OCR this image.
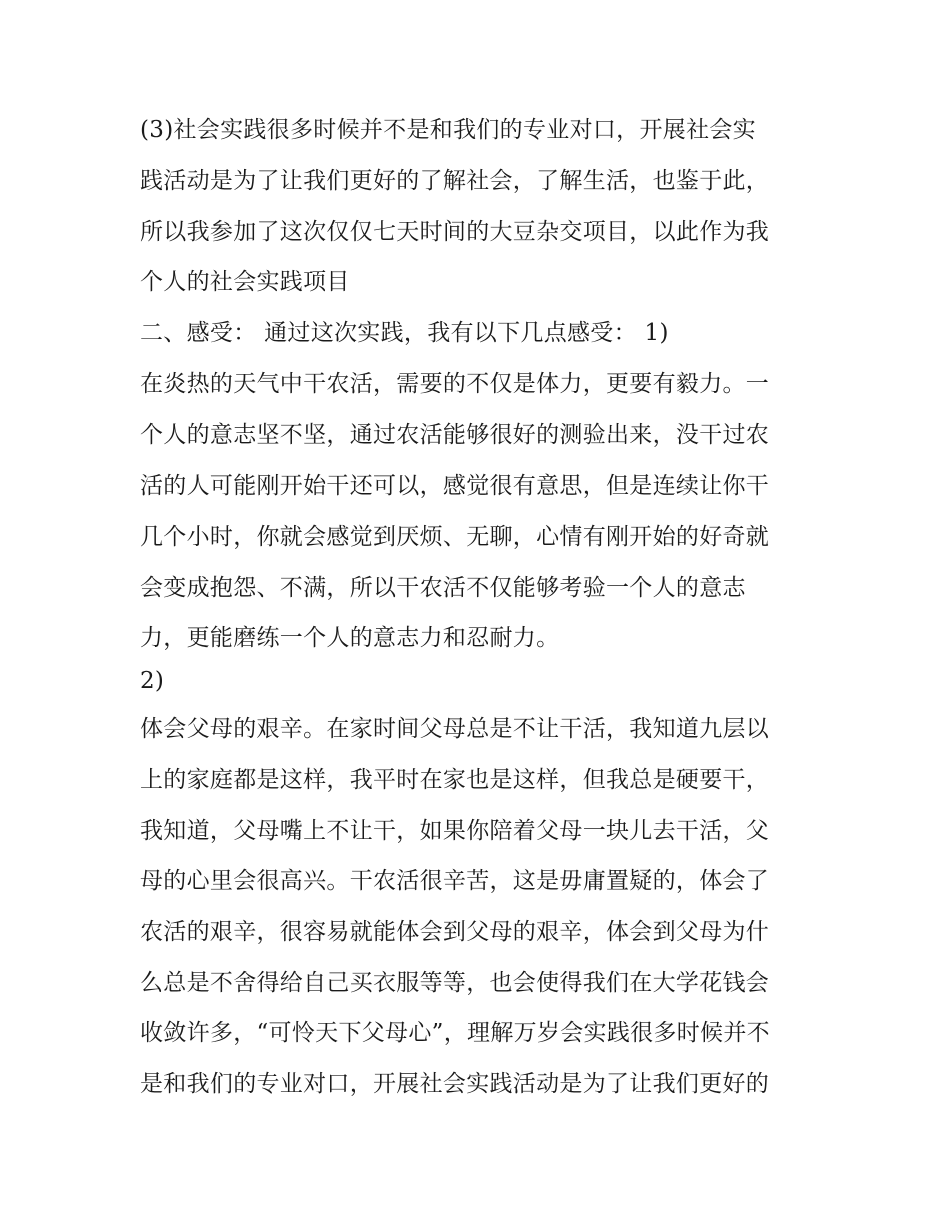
(3)社会实践很多时候并不是和我们的专业对口，开展社会实
践活动是为了让我们更好的了解社会，了解生活，也鉴于此，
所以我参加了这次仅仅七天时间的大豆杂交项目，以此作为我
个人的社会实践项目
二、感受： 通过这次实践，我有以下几点感受： 1)
在炎热的天气中干农活，需要的不仅是体力，更要有毅力。一
个人的意志坚不坚，通过农活能够很好的测验出来，没干过农
活的人可能刚开始干还可以，感觉很有意思，但是连续让你干
几个小时，你就会感觉到厌烦、无聊，心情有刚开始的好奇就
会变成抱怨、不满，所以干农活不仅能够考验一个人的意志
力，更能磨练一个人的意志力和忍耐力。
2)
体会父母的艰辛。在家时间父母总是不让干活，我知道九层以
上的家庭都是这样，我平时在家也是这样，但我总是硬要干，
我知道，父母嘴上不让干，如果你陪着父母一块儿去干活，父
母的心里会很高兴。干农活很辛苦，这是毋庸置疑的，体会了
农活的艰辛，很容易就能体会到父母的艰辛，体会到父母为什
么总是不舍得给自己买衣服等等，也会使得我们在大学花钱会
收敛许多，“可怜天下父母心”，理解万岁会实践很多时候并不
是和我们的专业对口，开展社会实践活动是为了让我们更好的
